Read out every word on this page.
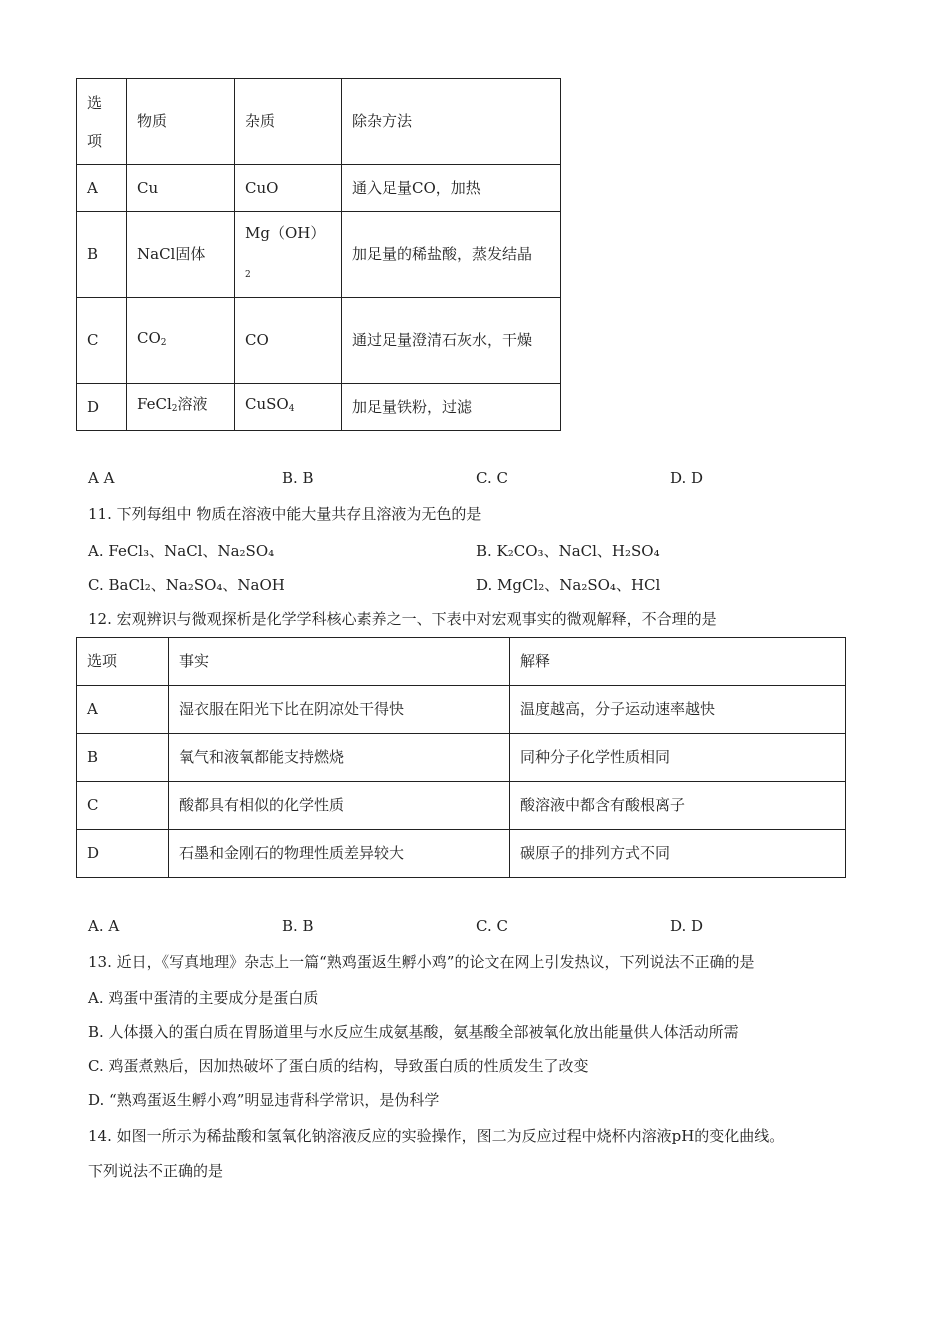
选项	物质	杂质	除杂方法
A	Cu	CuO	通入足量CO，加热
B	NaCl固体	$Mg(OH)_2$	加足量的稀盐酸，蒸发结晶
C	$CO_2$	CO	通过足量澄清石灰水，干燥
D	FeCl$_2$溶液	CuSO$_4$	加足量铁粉，过滤
A A	B. B	C. C	D. D
11. 下列每组中 物质在溶液中能大量共存且溶液为无色的是
A. FeCl₃、NaCl、Na₂SO₄	B. K₂CO₃、NaCl、H₂SO₄
C. BaCl₂、Na₂SO₄、NaOH	D. MgCl₂、Na₂SO₄、HCl
12. 宏观辨识与微观探析是化学学科核心素养之一、下表中对宏观事实的微观解释，不合理的是
选项	事实	解释
A	湿衣服在阳光下比在阴凉处干得快	温度越高，分子运动速率越快
B	氧气和液氧都能支持燃烧	同种分子化学性质相同
C	酸都具有相似的化学性质	酸溶液中都含有酸根离子
D	石墨和金刚石的物理性质差异较大	碳原子的排列方式不同
A. A	B. B	C. C	D. D
13. 近日，《写真地理》杂志上一篇“熟鸡蛋返生孵小鸡”的论文在网上引发热议，下列说法不正确的是
A. 鸡蛋中蛋清的主要成分是蛋白质
B. 人体摄入的蛋白质在胃肠道里与水反应生成氨基酸，氨基酸全部被氧化放出能量供人体活动所需
C. 鸡蛋煮熟后，因加热破坏了蛋白质的结构，导致蛋白质的性质发生了改变
D. “熟鸡蛋返生孵小鸡”明显违背科学常识，是伪科学
14. 如图一所示为稀盐酸和氢氧化钠溶液反应的实验操作，图二为反应过程中烧杯内溶液pH的变化曲线。
下列说法不正确的是
